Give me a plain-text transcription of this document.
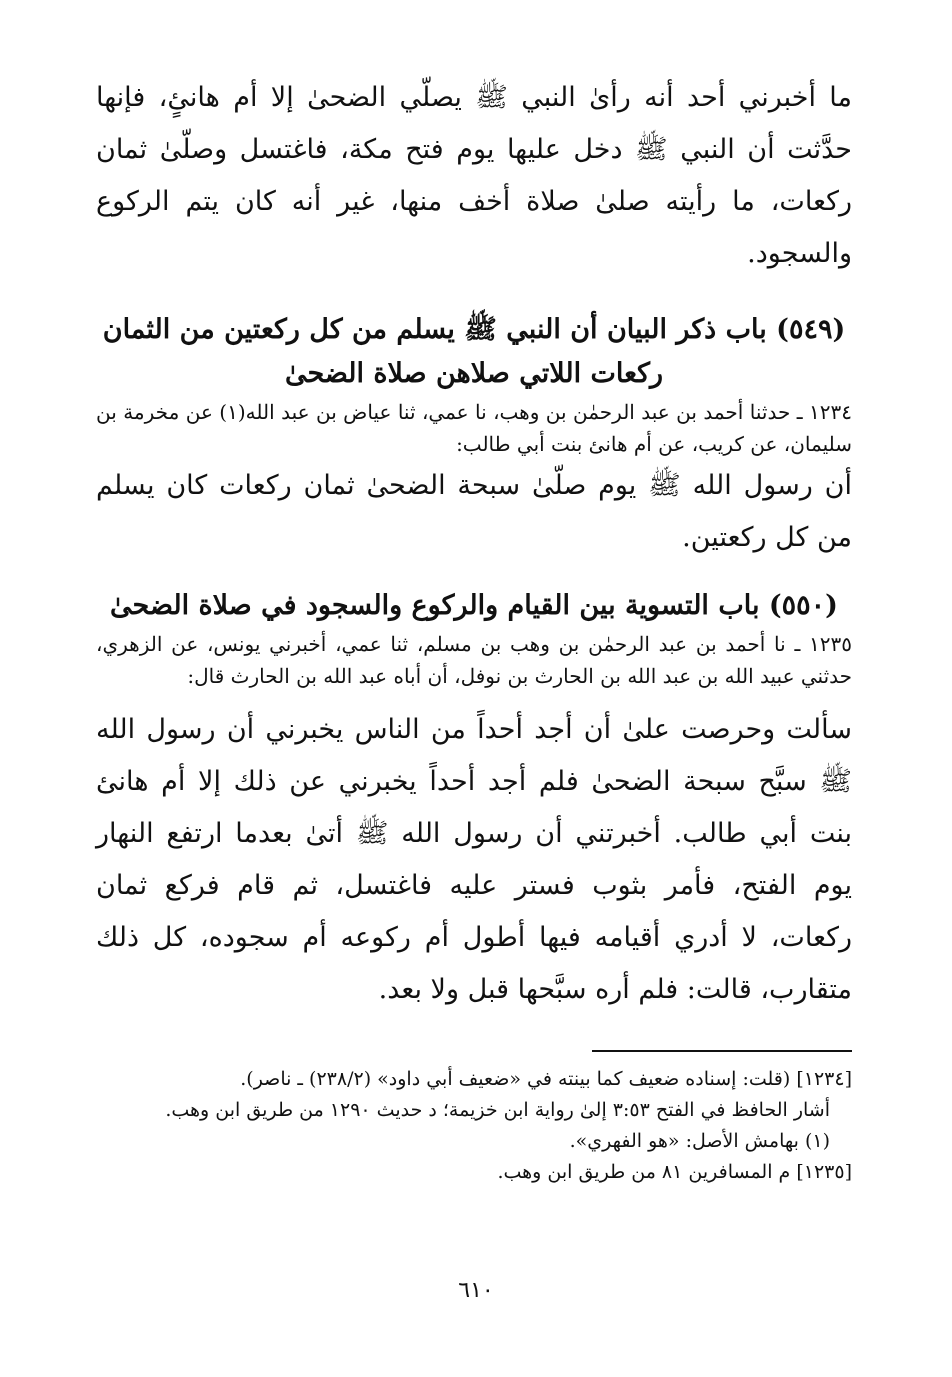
ما أخبرني أحد أنه رأىٰ النبي ﷺ يصلّي الضحىٰ إلا أم هانئٍ، فإنها حدَّثت أن النبي ﷺ دخل عليها يوم فتح مكة، فاغتسل وصلّىٰ ثمان ركعات، ما رأيته صلىٰ صلاة أخف منها، غير أنه كان يتم الركوع والسجود.

(٥٤٩) باب ذكر البيان أن النبي ﷺ يسلم من كل ركعتين من الثمان ركعات اللاتي صلاهن صلاة الضحىٰ

١٢٣٤ ـ حدثنا أحمد بن عبد الرحمٰن بن وهب، نا عمي، ثنا عياض بن عبد الله(١) عن مخرمة بن سليمان، عن كريب، عن أم هانئ بنت أبي طالب:

أن رسول الله ﷺ يوم صلّىٰ سبحة الضحىٰ ثمان ركعات كان يسلم من كل ركعتين.

(٥٥٠) باب التسوية بين القيام والركوع والسجود في صلاة الضحىٰ

١٢٣٥ ـ نا أحمد بن عبد الرحمٰن بن وهب بن مسلم، ثنا عمي، أخبرني يونس، عن الزهري، حدثني عبيد الله بن عبد الله بن الحارث بن نوفل، أن أباه عبد الله بن الحارث قال:

سألت وحرصت علىٰ أن أجد أحداً من الناس يخبرني أن رسول الله ﷺ سبَّح سبحة الضحىٰ فلم أجد أحداً يخبرني عن ذلك إلا أم هانئ بنت أبي طالب. أخبرتني أن رسول الله ﷺ أتىٰ بعدما ارتفع النهار يوم الفتح، فأمر بثوب فستر عليه فاغتسل، ثم قام فركع ثمان ركعات، لا أدري أقيامه فيها أطول أم ركوعه أم سجوده، كل ذلك متقارب، قالت: فلم أره سبَّحها قبل ولا بعد.

[١٢٣٤] (قلت: إسناده ضعيف كما بينته في «ضعيف أبي داود» (٢٣٨/٢) ـ ناصر).

أشار الحافظ في الفتح ٣:٥٣ إلىٰ رواية ابن خزيمة؛ د حديث ١٢٩٠ من طريق ابن وهب.

(١) بهامش الأصل: «هو الفهري».

[١٢٣٥] م المسافرين ٨١ من طريق ابن وهب.

٦١٠
